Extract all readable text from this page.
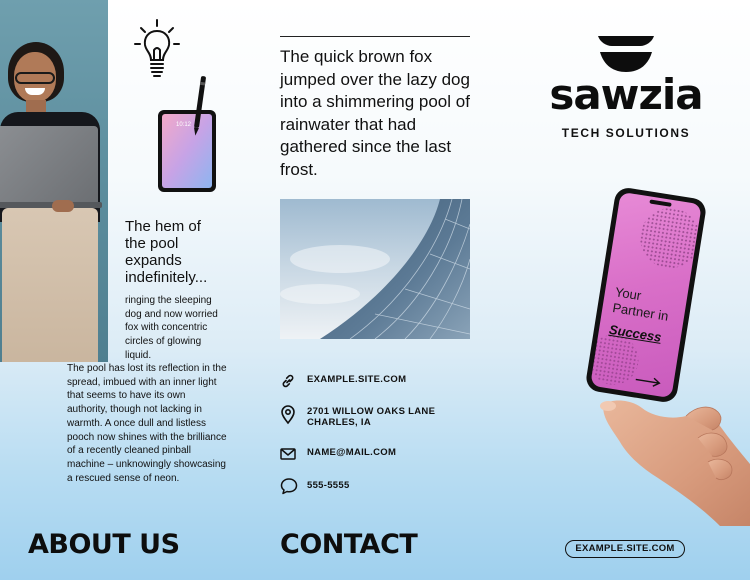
10:12
The hem of the pool expands indefinitely...
ringing the sleeping dog and now worried fox with concentric circles of glowing liquid.
The pool has lost its reflection in the spread, imbued with an inner light that seems to have its own authority, though not lacking in warmth. A once dull and listless pooch now shines with the brilliance of a recently cleaned pinball machine – unknowingly showcasing a rescued sense of neon.
ABOUT US
The quick brown fox jumped over the lazy dog into a shimmering pool of rainwater that had gathered since the last frost.
EXAMPLE.SITE.COM
2701 WILLOW OAKS LANE
CHARLES, IA
NAME@MAIL.COM
555-5555
CONTACT
sawzia
TECH SOLUTIONS
Your
Partner in
Success
EXAMPLE.SITE.COM
